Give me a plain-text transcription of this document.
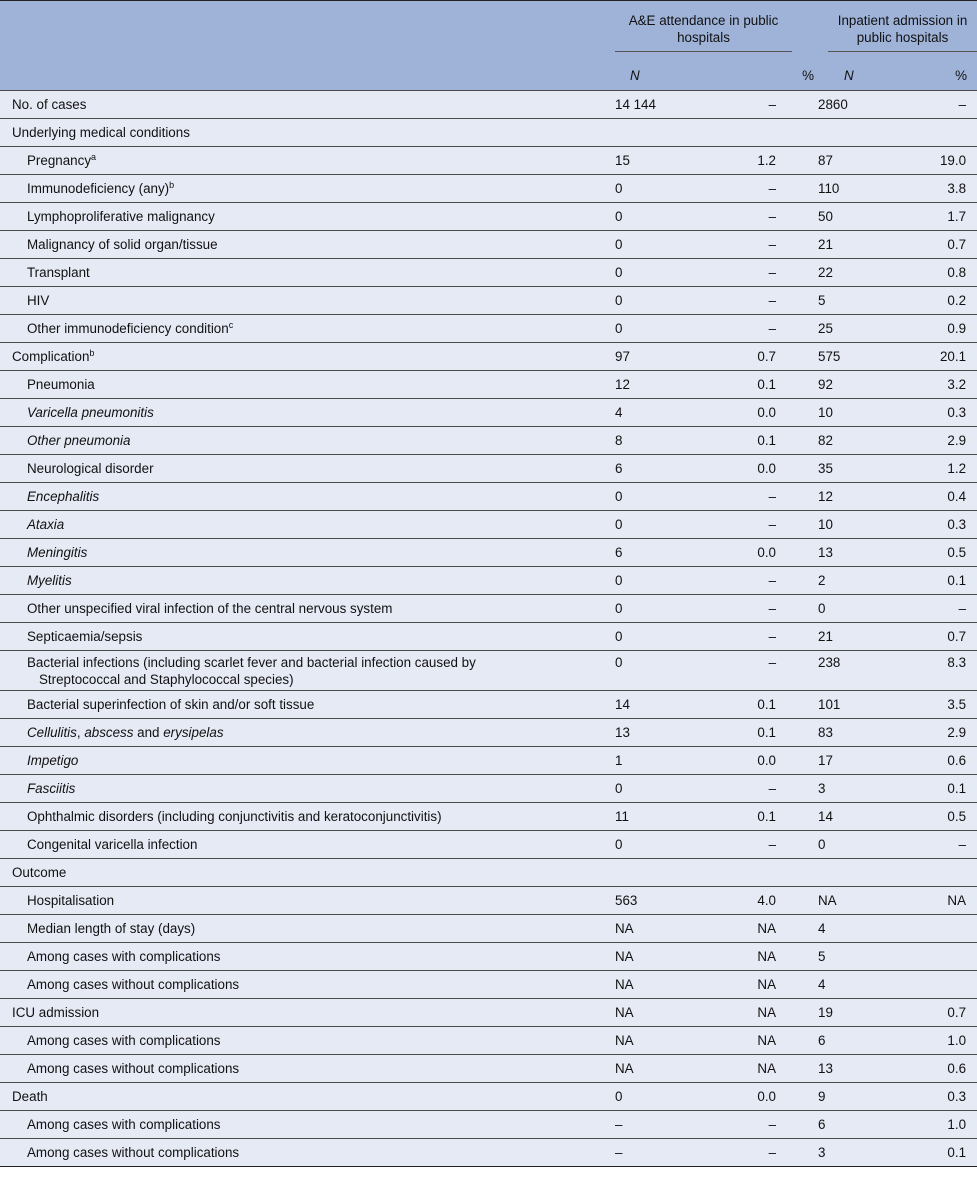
	A&E attendance in public hospitals		Inpatient admission in public hospitals	

	N	%	N	%

No. of cases	14 144	–	2860	–
Underlying medical conditions				
Pregnancy$^a$	15	1.2	87	19.0
Immunodeficiency (any)$^b$	0	–	110	3.8
Lymphoproliferative malignancy	0	–	50	1.7
Malignancy of solid organ/tissue	0	–	21	0.7
Transplant	0	–	22	0.8
HIV	0	–	5	0.2
Other immunodeficiency condition$^c$	0	–	25	0.9
Complication$^b$	97	0.7	575	20.1
Pneumonia	12	0.1	92	3.2
Varicella pneumonitis	4	0.0	10	0.3
Other pneumonia	8	0.1	82	2.9
Neurological disorder	6	0.0	35	1.2
Encephalitis	0	–	12	0.4
Ataxia	0	–	10	0.3
Meningitis	6	0.0	13	0.5
Myelitis	0	–	2	0.1
Other unspecified viral infection of the central nervous system	0	–	0	–
Septicaemia/sepsis	0	–	21	0.7
Bacterial infections (including scarlet fever and bacterial infection caused by Streptococcal and Staphylococcal species)	0	–	238	8.3
Bacterial superinfection of skin and/or soft tissue	14	0.1	101	3.5
Cellulitis, abscess and erysipelas	13	0.1	83	2.9
Impetigo	1	0.0	17	0.6
Fasciitis	0	–	3	0.1
Ophthalmic disorders (including conjunctivitis and keratoconjunctivitis)	11	0.1	14	0.5
Congenital varicella infection	0	–	0	–
Outcome				
Hospitalisation	563	4.0	NA	NA
Median length of stay (days)	NA	NA	4	
Among cases with complications	NA	NA	5	
Among cases without complications	NA	NA	4	
ICU admission	NA	NA	19	0.7
Among cases with complications	NA	NA	6	1.0
Among cases without complications	NA	NA	13	0.6
Death	0	0.0	9	0.3
Among cases with complications	–	–	6	1.0
Among cases without complications	–	–	3	0.1
